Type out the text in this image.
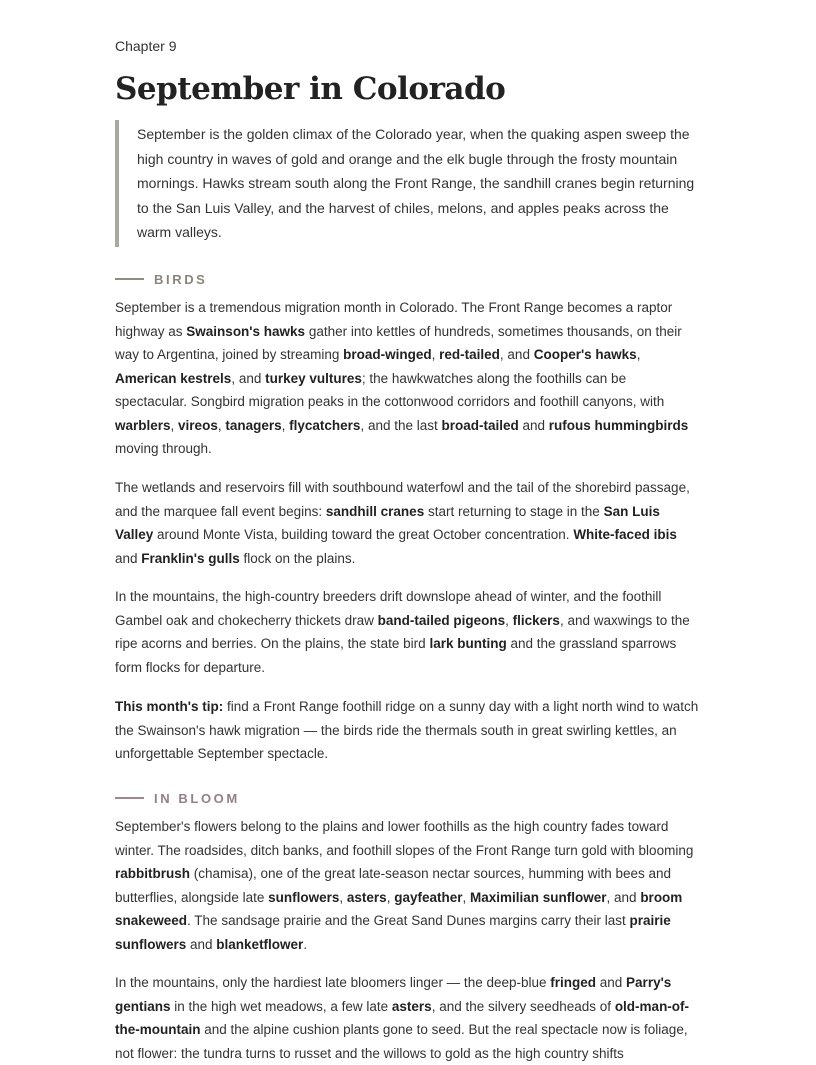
Chapter 9
September in Colorado
September is the golden climax of the Colorado year, when the quaking aspen sweep the high country in waves of gold and orange and the elk bugle through the frosty mountain mornings. Hawks stream south along the Front Range, the sandhill cranes begin returning to the San Luis Valley, and the harvest of chiles, melons, and apples peaks across the warm valleys.
BIRDS

September is a tremendous migration month in Colorado. The Front Range becomes a raptor highway as Swainson's hawks gather into kettles of hundreds, sometimes thousands, on their way to Argentina, joined by streaming broad-winged, red-tailed, and Cooper's hawks, American kestrels, and turkey vultures; the hawkwatches along the foothills can be spectacular. Songbird migration peaks in the cottonwood corridors and foothill canyons, with warblers, vireos, tanagers, flycatchers, and the last broad-tailed and rufous hummingbirds moving through.

The wetlands and reservoirs fill with southbound waterfowl and the tail of the shorebird passage, and the marquee fall event begins: sandhill cranes start returning to stage in the San Luis Valley around Monte Vista, building toward the great October concentration. White-faced ibis and Franklin's gulls flock on the plains.

In the mountains, the high-country breeders drift downslope ahead of winter, and the foothill Gambel oak and chokecherry thickets draw band-tailed pigeons, flickers, and waxwings to the ripe acorns and berries. On the plains, the state bird lark bunting and the grassland sparrows form flocks for departure.

This month's tip: find a Front Range foothill ridge on a sunny day with a light north wind to watch the Swainson's hawk migration — the birds ride the thermals south in great swirling kettles, an unforgettable September spectacle.

IN BLOOM

September's flowers belong to the plains and lower foothills as the high country fades toward winter. The roadsides, ditch banks, and foothill slopes of the Front Range turn gold with blooming rabbitbrush (chamisa), one of the great late-season nectar sources, humming with bees and butterflies, alongside late sunflowers, asters, gayfeather, Maximilian sunflower, and broom snakeweed. The sandsage prairie and the Great Sand Dunes margins carry their last prairie sunflowers and blanketflower.

In the mountains, only the hardiest late bloomers linger — the deep-blue fringed and Parry's gentians in the high wet meadows, a few late asters, and the silvery seedheads of old-man-of-the-mountain and the alpine cushion plants gone to seed. But the real spectacle now is foliage, not flower: the tundra turns to russet and the willows to gold as the high country shifts
